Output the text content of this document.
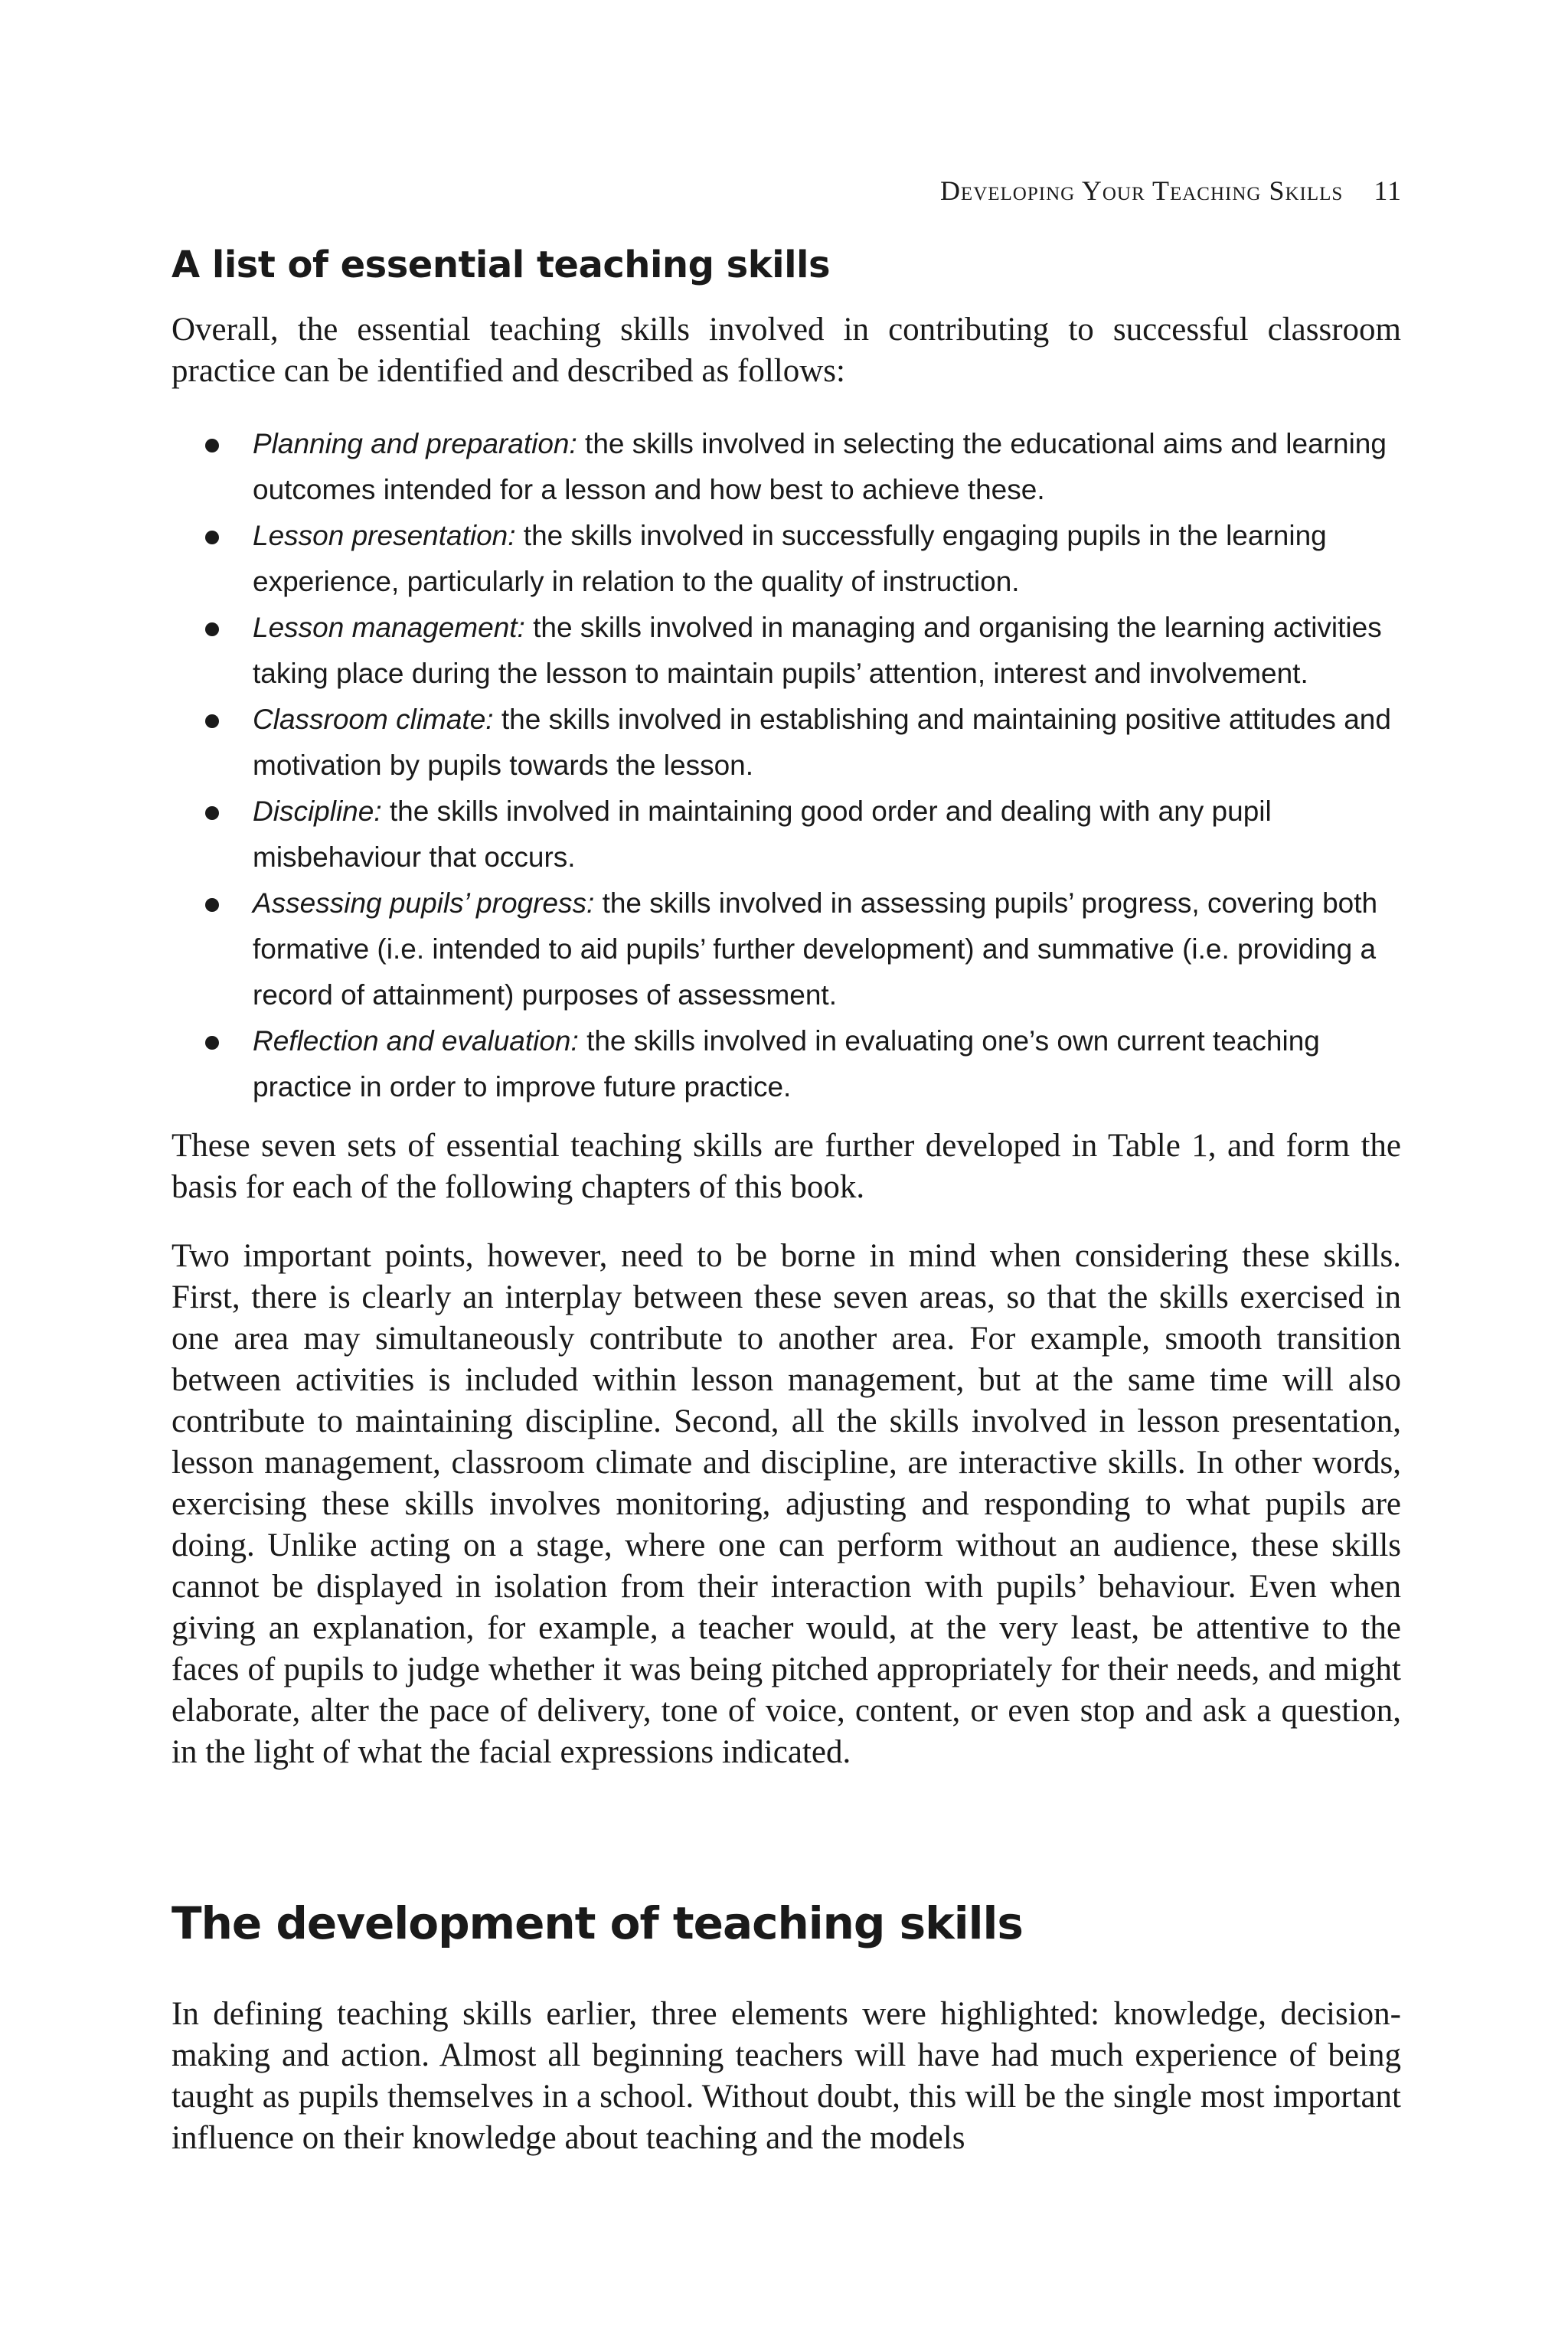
Developing Your Teaching Skills 11
A list of essential teaching skills

Overall, the essential teaching skills involved in contributing to successful classroom practice can be identified and described as follows:

Planning and preparation: the skills involved in selecting the educational aims and learning outcomes intended for a lesson and how best to achieve these.
Lesson presentation: the skills involved in successfully engaging pupils in the learning experience, particularly in relation to the quality of instruction.
Lesson management: the skills involved in managing and organising the learning activities taking place during the lesson to maintain pupils’ attention, interest and involvement.
Classroom climate: the skills involved in establishing and maintaining positive attitudes and motivation by pupils towards the lesson.
Discipline: the skills involved in maintaining good order and dealing with any pupil misbehaviour that occurs.
Assessing pupils’ progress: the skills involved in assessing pupils’ progress, covering both formative (i.e. intended to aid pupils’ further development) and summative (i.e. providing a record of attainment) purposes of assessment.
Reflection and evaluation: the skills involved in evaluating one’s own current teaching practice in order to improve future practice.

These seven sets of essential teaching skills are further developed in Table 1, and form the basis for each of the following chapters of this book.

Two important points, however, need to be borne in mind when considering these skills. First, there is clearly an interplay between these seven areas, so that the skills exercised in one area may simultaneously contribute to another area. For example, smooth transition between activities is included within lesson management, but at the same time will also contribute to maintaining discipline. Second, all the skills involved in lesson presentation, lesson management, classroom climate and discipline, are interactive skills. In other words, exercising these skills involves monitoring, adjusting and responding to what pupils are doing. Unlike acting on a stage, where one can perform without an audience, these skills cannot be displayed in isolation from their interaction with pupils’ behaviour. Even when giving an explanation, for example, a teacher would, at the very least, be attentive to the faces of pupils to judge whether it was being pitched appropriately for their needs, and might elaborate, alter the pace of delivery, tone of voice, content, or even stop and ask a question, in the light of what the facial expressions indicated.

The development of teaching skills

In defining teaching skills earlier, three elements were highlighted: knowledge, decision-making and action. Almost all beginning teachers will have had much experience of being taught as pupils themselves in a school. Without doubt, this will be the single most important influence on their knowledge about teaching and the models
